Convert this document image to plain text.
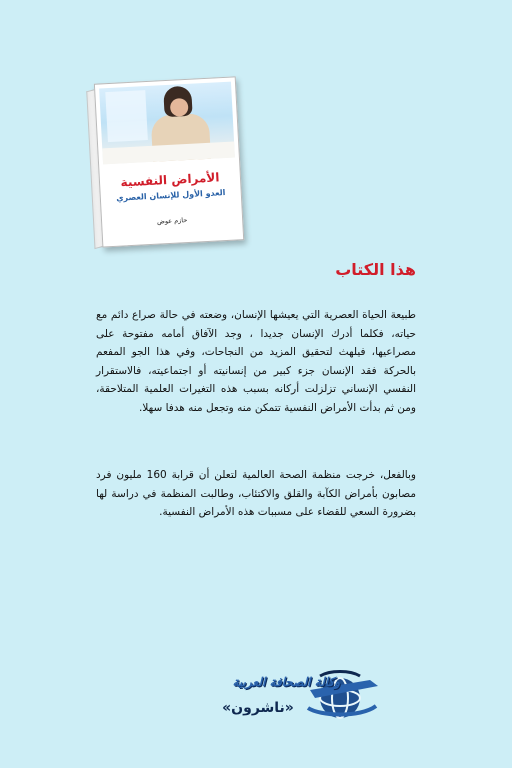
الأمراض النفسية
العدو الأول للإنسان العصري
حازم عوض
هذا الكتاب
طبيعة الحياة العصرية التي يعيشها الإنسان، وضعته في حالة صراع دائم مع حياته، فكلما أدرك الإنسان جديدا ، وجد الآفاق أمامه مفتوحة على مصراعيها، فيلهث لتحقيق المزيد من النجاحات، وفي هذا الجو المفعم بالحركة فقد الإنسان جزء كبير من إنسانيته أو اجتماعيته، فالاستقرار النفسي الإنساني تزلزلت أركانه بسبب هذه التغيرات العلمية المتلاحقة، ومن ثم بدأت الأمراض النفسية تتمكن منه وتجعل منه هدفا سهلا.
وبالفعل، خرجت منظمة الصحة العالمية لتعلن أن قرابة 160 مليون فرد مصابون بأمراض الكآبة والقلق والاكتئاب، وطالبت المنظمة في دراسة لها بضرورة السعي للقضاء على مسببات هذه الأمراض النفسية.
وكالة الصحافة العربية
«ناشرون»
